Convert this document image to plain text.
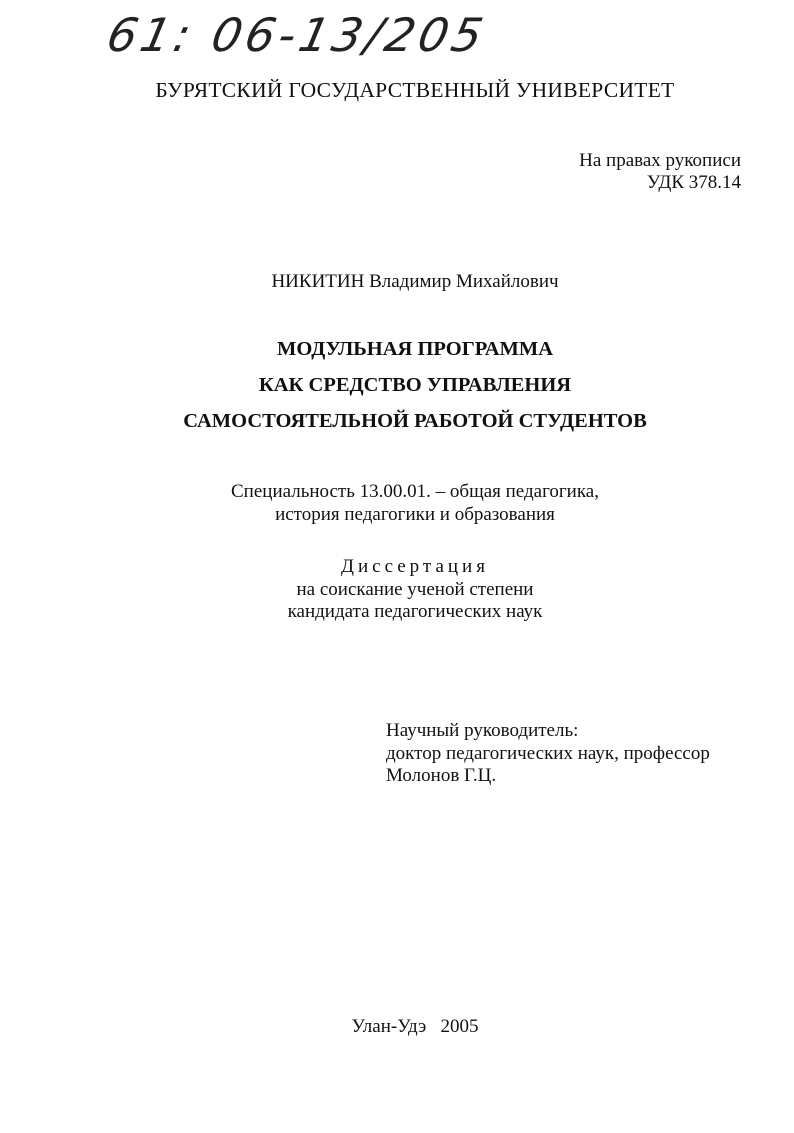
61: 06-13/205
БУРЯТСКИЙ ГОСУДАРСТВЕННЫЙ УНИВЕРСИТЕТ
На правах рукописи
УДК 378.14
НИКИТИН Владимир Михайлович
МОДУЛЬНАЯ ПРОГРАММА
КАК СРЕДСТВО УПРАВЛЕНИЯ
САМОСТОЯТЕЛЬНОЙ РАБОТОЙ СТУДЕНТОВ
Специальность 13.00.01. – общая педагогика,
история педагогики и образования
Диссертация
на соискание ученой степени
кандидата педагогических наук
Научный руководитель:
доктор педагогических наук, профессор
Молонов Г.Ц.
Улан-Удэ   2005
